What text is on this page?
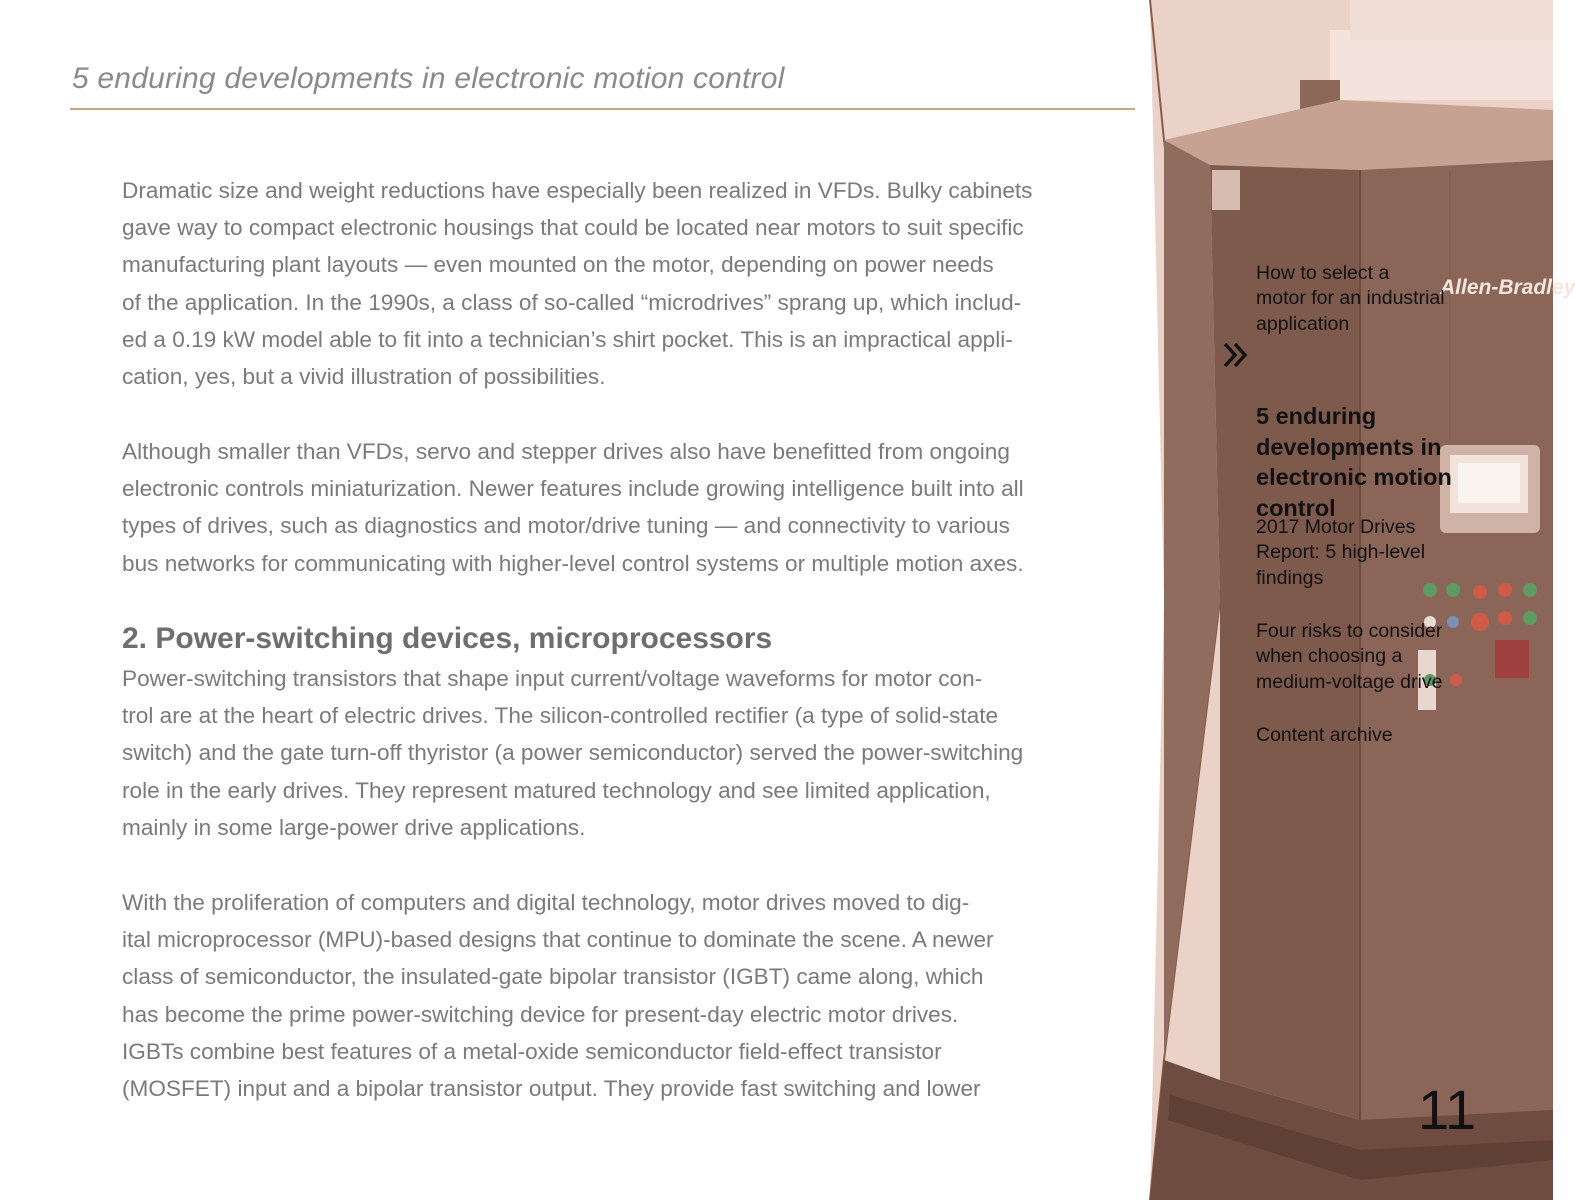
5 enduring developments in electronic motion control

Dramatic size and weight reductions have especially been realized in VFDs. Bulky cabinets
gave way to compact electronic housings that could be located near motors to suit specific
manufacturing plant layouts — even mounted on the motor, depending on power needs
of the application. In the 1990s, a class of so-called “microdrives” sprang up, which includ-
ed a 0.19 kW model able to fit into a technician’s shirt pocket. This is an impractical appli-
cation, yes, but a vivid illustration of possibilities.

Although smaller than VFDs, servo and stepper drives also have benefitted from ongoing
electronic controls miniaturization. Newer features include growing intelligence built into all
types of drives, such as diagnostics and motor/drive tuning — and connectivity to various
bus networks for communicating with higher-level control systems or multiple motion axes.

2. Power-switching devices, microprocessors

Power-switching transistors that shape input current/voltage waveforms for motor con-
trol are at the heart of electric drives. The silicon-controlled rectifier (a type of solid-state
switch) and the gate turn-off thyristor (a power semiconductor) served the power-switching
role in the early drives. They represent matured technology and see limited application,
mainly in some large-power drive applications.

With the proliferation of computers and digital technology, motor drives moved to dig-
ital microprocessor (MPU)-based designs that continue to dominate the scene. A newer
class of semiconductor, the insulated-gate bipolar transistor (IGBT) came along, which
has become the prime power-switching device for present-day electric motor drives.
IGBTs combine best features of a metal-oxide semiconductor field-effect transistor
(MOSFET) input and a bipolar transistor output. They provide fast switching and lower

Allen-Bradley

How to select a
motor for an industrial
application

5 enduring
developments in
electronic motion
control

2017 Motor Drives
Report: 5 high-level
findings

Four risks to consider
when choosing a
medium-voltage drive

Content archive

11
